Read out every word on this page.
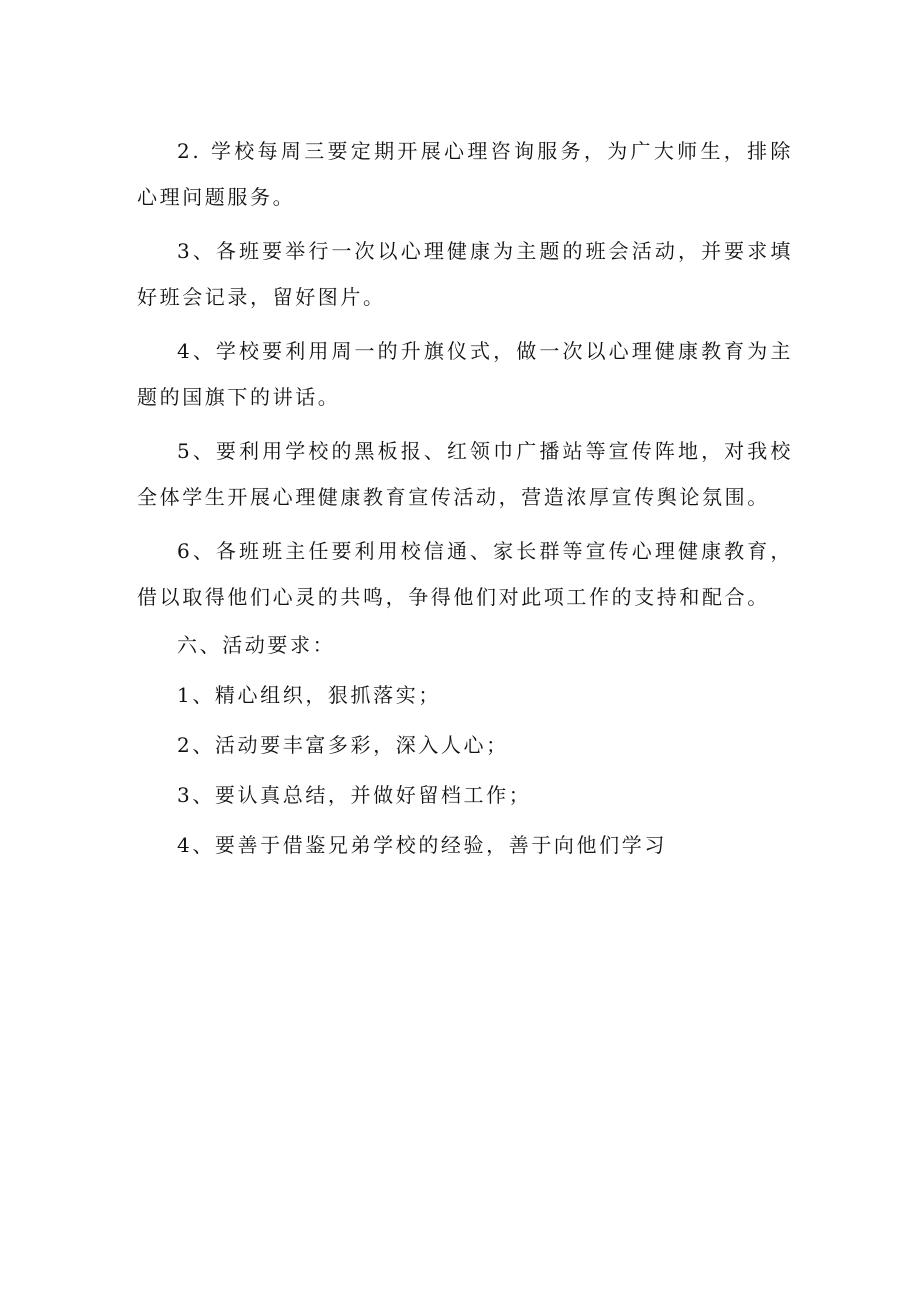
2. 学校每周三要定期开展心理咨询服务，为广大师生，排除心理问题服务。

3、各班要举行一次以心理健康为主题的班会活动，并要求填好班会记录，留好图片。

4、学校要利用周一的升旗仪式，做一次以心理健康教育为主题的国旗下的讲话。

5、要利用学校的黑板报、红领巾广播站等宣传阵地，对我校全体学生开展心理健康教育宣传活动，营造浓厚宣传舆论氛围。

6、各班班主任要利用校信通、家长群等宣传心理健康教育，借以取得他们心灵的共鸣，争得他们对此项工作的支持和配合。

六、活动要求：

1、精心组织，狠抓落实；

2、活动要丰富多彩，深入人心；

3、要认真总结，并做好留档工作；

4、要善于借鉴兄弟学校的经验，善于向他们学习
